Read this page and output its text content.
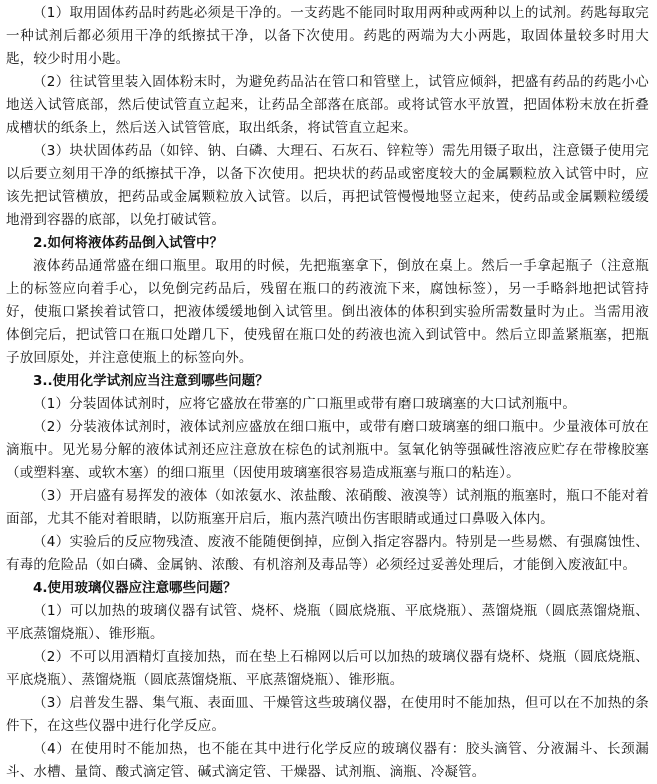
（1）取用固体药品时药匙必须是干净的。一支药匙不能同时取用两种或两种以上的试剂。药匙每取完一种试剂后都必须用干净的纸擦拭干净，以备下次使用。药匙的两端为大小两匙，取固体量较多时用大匙，较少时用小匙。

（2）往试管里装入固体粉末时，为避免药品沾在管口和管壁上，试管应倾斜，把盛有药品的药匙小心地送入试管底部，然后使试管直立起来，让药品全部落在底部。或将试管水平放置，把固体粉末放在折叠成槽状的纸条上，然后送入试管管底，取出纸条，将试管直立起来。

（3）块状固体药品（如锌、钠、白磷、大理石、石灰石、锌粒等）需先用镊子取出，注意镊子使用完以后要立刻用干净的纸擦拭干净，以备下次使用。把块状的药品或密度较大的金属颗粒放入试管中时，应该先把试管横放，把药品或金属颗粒放入试管。以后，再把试管慢慢地竖立起来，使药品或金属颗粒缓缓地滑到容器的底部，以免打破试管。

2.如何将液体药品倒入试管中？

液体药品通常盛在细口瓶里。取用的时候，先把瓶塞拿下，倒放在桌上。然后一手拿起瓶子（注意瓶上的标签应向着手心，以免倒完药品后，残留在瓶口的药液流下来，腐蚀标签），另一手略斜地把试管持好，使瓶口紧挨着试管口，把液体缓缓地倒入试管里。倒出液体的体积到实验所需数量时为止。当需用液体倒完后，把试管口在瓶口处蹭几下，使残留在瓶口处的药液也流入到试管中。然后立即盖紧瓶塞，把瓶子放回原处，并注意使瓶上的标签向外。

3..使用化学试剂应当注意到哪些问题？

（1）分装固体试剂时，应将它盛放在带塞的广口瓶里或带有磨口玻璃塞的大口试剂瓶中。

（2）分装液体试剂时，液体试剂应盛放在细口瓶中，或带有磨口玻璃塞的细口瓶中。少量液体可放在滴瓶中。见光易分解的液体试剂还应注意放在棕色的试剂瓶中。氢氧化钠等强碱性溶液应贮存在带橡胶塞（或塑料塞、或软木塞）的细口瓶里（因使用玻璃塞很容易造成瓶塞与瓶口的粘连）。

（3）开启盛有易挥发的液体（如浓氨水、浓盐酸、浓硝酸、液溴等）试剂瓶的瓶塞时，瓶口不能对着面部，尤其不能对着眼睛，以防瓶塞开启后，瓶内蒸汽喷出伤害眼睛或通过口鼻吸入体内。

（4）实验后的反应物残渣、废液不能随便倒掉，应倒入指定容器内。特别是一些易燃、有强腐蚀性、有毒的危险品（如白磷、金属钠、浓酸、有机溶剂及毒品等）必须经过妥善处理后，才能倒入废液缸中。

4.使用玻璃仪器应注意哪些问题？

（1）可以加热的玻璃仪器有试管、烧杯、烧瓶（圆底烧瓶、平底烧瓶）、蒸馏烧瓶（圆底蒸馏烧瓶、平底蒸馏烧瓶）、锥形瓶。

（2）不可以用酒精灯直接加热，而在垫上石棉网以后可以加热的玻璃仪器有烧杯、烧瓶（圆底烧瓶、平底烧瓶）、蒸馏烧瓶（圆底蒸馏烧瓶、平底蒸馏烧瓶）、锥形瓶。

（3）启普发生器、集气瓶、表面皿、干燥管这些玻璃仪器，在使用时不能加热，但可以在不加热的条件下，在这些仪器中进行化学反应。

（4）在使用时不能加热，也不能在其中进行化学反应的玻璃仪器有：胶头滴管、分液漏斗、长颈漏斗、水槽、量筒、酸式滴定管、碱式滴定管、干燥器、试剂瓶、滴瓶、冷凝管。
